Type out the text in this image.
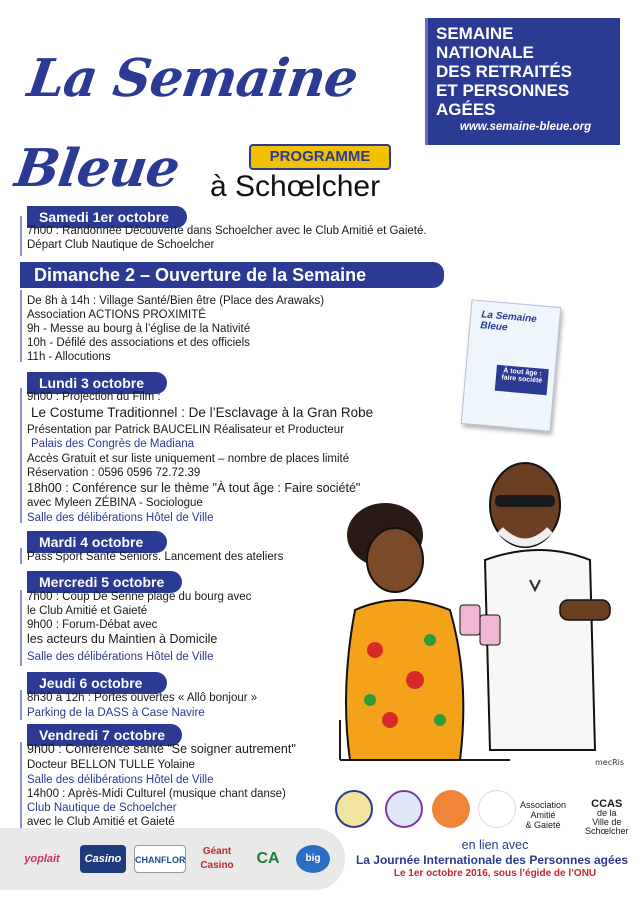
La Semaine Bleue
SEMAINE
NATIONALE
DES RETRAITÉS
ET PERSONNES
AGÉES
www.semaine-bleue.org
PROGRAMME
à Schœlcher
Samedi 1er octobre
7h00 : Randonnée Découverte dans Schoelcher avec le Club Amitié et Gaieté.
Départ Club Nautique de Schoelcher
Dimanche 2 – Ouverture de la Semaine
De 8h à 14h : Village Santé/Bien être (Place des Arawaks)
Association ACTIONS PROXIMITÉ
9h - Messe au bourg à l’église de la Nativité
10h - Défilé des associations et des officiels
11h - Allocutions
Lundi 3 octobre
9h00 : Projection du Film :
Le Costume Traditionnel : De l’Esclavage à la Gran Robe
Présentation par Patrick BAUCELIN Réalisateur et Producteur
Palais des Congrès de Madiana
Accès Gratuit et sur liste uniquement – nombre de places limité
Réservation : 0596 0596 72.72.39
18h00 : Conférence sur le thème "À tout âge : Faire société"
avec Myleen ZÉBINA - Sociologue
Salle des délibérations Hôtel de Ville
Mardi 4 octobre
Pass’Sport Santé Seniors. Lancement des ateliers
Mercredi 5 octobre
7h00 : Coup De Senne plage du bourg avec
le Club Amitié et Gaieté
9h00 : Forum-Débat avec
les acteurs du Maintien à Domicile
Salle des délibérations Hôtel de Ville
Jeudi 6 octobre
8h30 à 12h : Portes ouvertes « Allô bonjour »
Parking de la DASS à Case Navire
Vendredi 7 octobre
9h00 : Conférence santé "Se soigner autrement"
Docteur BELLON TULLE Yolaine
Salle des délibérations Hôtel de Ville
14h00 : Après-Midi Culturel (musique chant danse)
Club Nautique de Schoelcher
avec le Club Amitié et Gaieté
La Semaine Bleue
À tout âge : faire société
mecRis
yoplait	Casino	CHANFLOR
Géant Casino	CA	big
Association
Amitié
& Gaieté
CCAS
de la
Ville de
Schœlcher
en lien avec
La Journée Internationale des Personnes agées
Le 1er octobre 2016, sous l’égide de l’ONU
